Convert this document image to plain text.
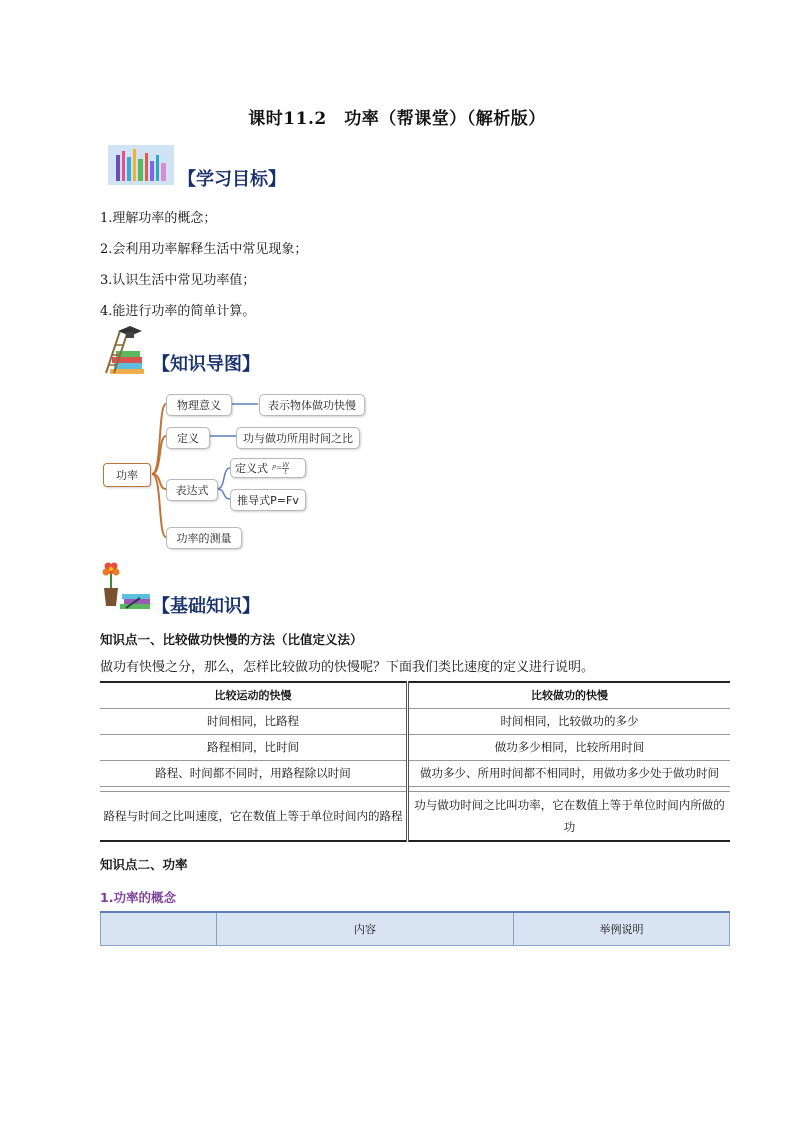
课时11.2　功率（帮课堂）（解析版）
【学习目标】
1.理解功率的概念；
2.会利用功率解释生活中常见现象；
3.认识生活中常见功率值；
4.能进行功率的简单计算。
【知识导图】
功率
物理意义	表示物体做功快慢
定义	功与做功所用时间之比
表达式
定义式 $P = \frac{W}{t}$
推导式P=Fv
功率的测量
【基础知识】
知识点一、比较做功快慢的方法（比值定义法）
做功有快慢之分，那么，怎样比较做功的快慢呢？下面我们类比速度的定义进行说明。
比较运动的快慢	比较做功的快慢
时间相同，比路程	时间相同，比较做功的多少
路程相同，比时间	做功多少相同，比较所用时间
路程、时间都不同时，用路程除以时间	做功多少、所用时间都不相同时，用做功多少处于做功时间

路程与时间之比叫速度，它在数值上等于单位时间内的路程	功与做功时间之比叫功率，它在数值上等于单位时间内所做的功
知识点二、功率
1.功率的概念
	内容	举例说明
